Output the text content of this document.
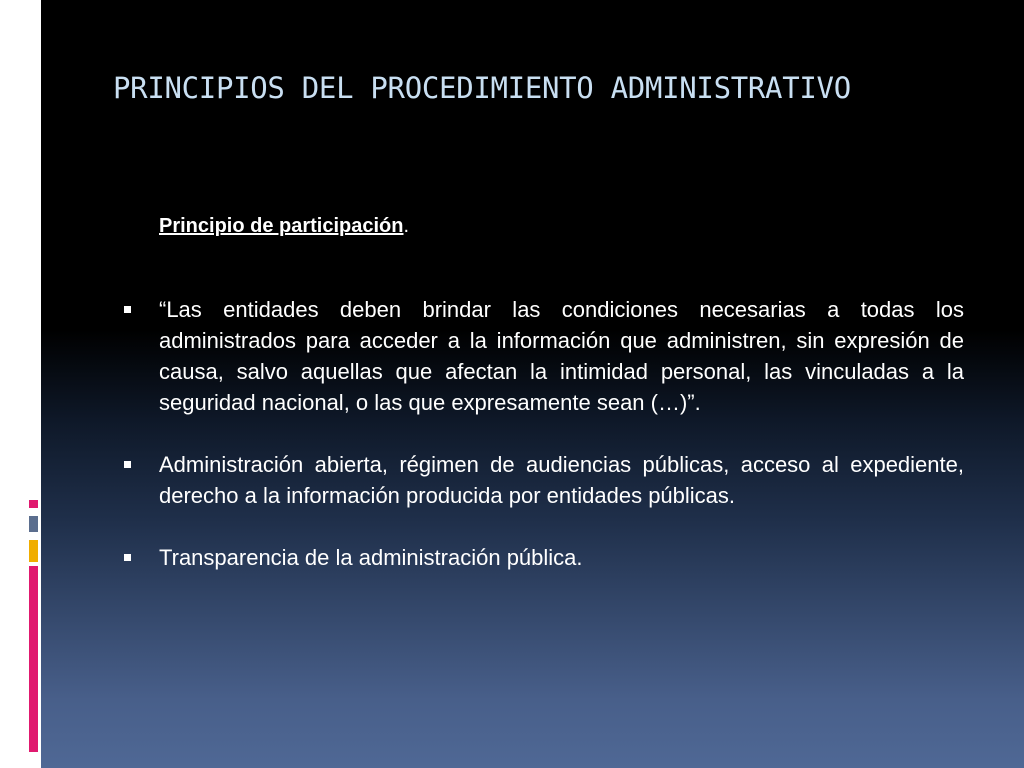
PRINCIPIOS DEL PROCEDIMIENTO ADMINISTRATIVO

Principio de participación.

“Las entidades deben brindar las condiciones necesarias a todas los administrados para acceder a la información que administren, sin expresión de causa, salvo aquellas que afectan la intimidad personal, las vinculadas a la seguridad nacional, o las que expresamente sean (…)”.
Administración abierta, régimen de audiencias públicas, acceso al expediente, derecho a la información producida por entidades públicas.
Transparencia de la administración pública.
